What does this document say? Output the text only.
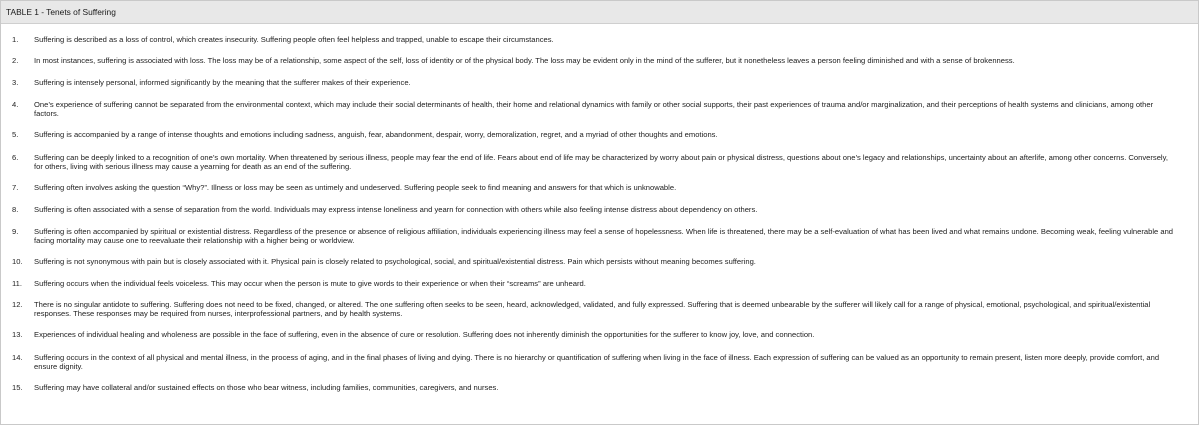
TABLE 1 - Tenets of Suffering
1.	Suffering is described as a loss of control, which creates insecurity. Suffering people often feel helpless and trapped, unable to escape their circumstances.
2.	In most instances, suffering is associated with loss. The loss may be of a relationship, some aspect of the self, loss of identity or of the physical body. The loss may be evident only in the mind of the sufferer, but it nonetheless leaves a person feeling diminished and with a sense of brokenness.
3.	Suffering is intensely personal, informed significantly by the meaning that the sufferer makes of their experience.
4.	One’s experience of suffering cannot be separated from the environmental context, which may include their social determinants of health, their home and relational dynamics with family or other social supports, their past experiences of trauma and/or marginalization, and their perceptions of health systems and clinicians, among other factors.
5.	Suffering is accompanied by a range of intense thoughts and emotions including sadness, anguish, fear, abandonment, despair, worry, demoralization, regret, and a myriad of other thoughts and emotions.
6.	Suffering can be deeply linked to a recognition of one’s own mortality. When threatened by serious illness, people may fear the end of life. Fears about end of life may be characterized by worry about pain or physical distress, questions about one’s legacy and relationships, uncertainty about an afterlife, among other concerns. Conversely, for others, living with serious illness may cause a yearning for death as an end of the suffering.
7.	Suffering often involves asking the question “Why?”. Illness or loss may be seen as untimely and undeserved. Suffering people seek to find meaning and answers for that which is unknowable.
8.	Suffering is often associated with a sense of separation from the world. Individuals may express intense loneliness and yearn for connection with others while also feeling intense distress about dependency on others.
9.	Suffering is often accompanied by spiritual or existential distress. Regardless of the presence or absence of religious affiliation, individuals experiencing illness may feel a sense of hopelessness. When life is threatened, there may be a self-evaluation of what has been lived and what remains undone. Becoming weak, feeling vulnerable and facing mortality may cause one to reevaluate their relationship with a higher being or worldview.
10.	Suffering is not synonymous with pain but is closely associated with it. Physical pain is closely related to psychological, social, and spiritual/existential distress. Pain which persists without meaning becomes suffering.
11.	Suffering occurs when the individual feels voiceless. This may occur when the person is mute to give words to their experience or when their “screams” are unheard.
12.	There is no singular antidote to suffering. Suffering does not need to be fixed, changed, or altered. The one suffering often seeks to be seen, heard, acknowledged, validated, and fully expressed. Suffering that is deemed unbearable by the sufferer will likely call for a range of physical, emotional, psychological, and spiritual/existential responses. These responses may be required from nurses, interprofessional partners, and by health systems.
13.	Experiences of individual healing and wholeness are possible in the face of suffering, even in the absence of cure or resolution. Suffering does not inherently diminish the opportunities for the sufferer to know joy, love, and connection.
14.	Suffering occurs in the context of all physical and mental illness, in the process of aging, and in the final phases of living and dying. There is no hierarchy or quantification of suffering when living in the face of illness. Each expression of suffering can be valued as an opportunity to remain present, listen more deeply, provide comfort, and ensure dignity.
15.	Suffering may have collateral and/or sustained effects on those who bear witness, including families, communities, caregivers, and nurses.
